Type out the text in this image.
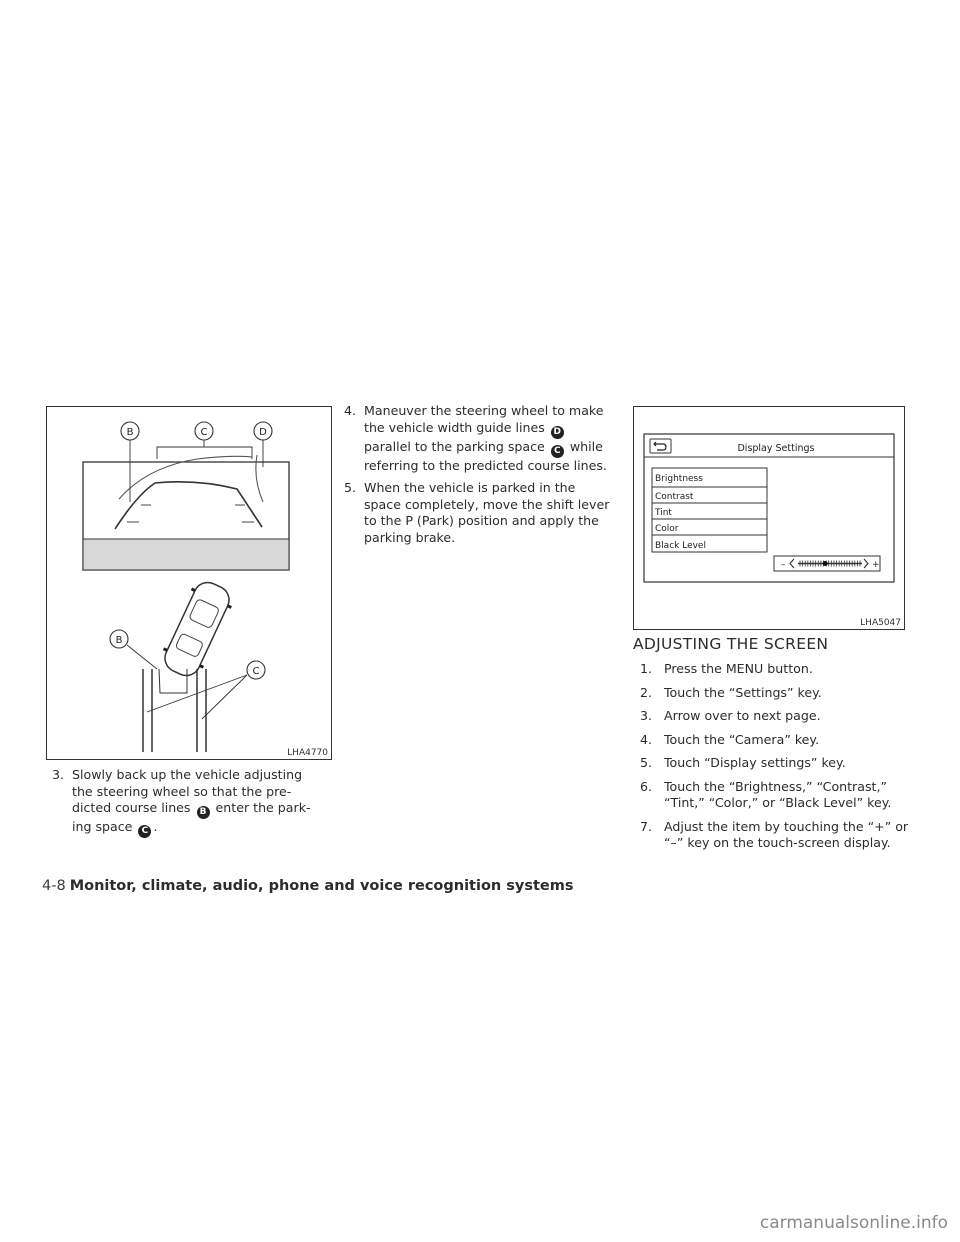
B	C	D
B
C
LHA4770
3. Slowly back up the vehicle adjusting the steering wheel so that the pre-dicted course lines B enter the park-ing space C .
4. Maneuver the steering wheel to make the vehicle width guide lines D parallel to the parking space C while referring to the predicted course lines.
5. When the vehicle is parked in the space completely, move the shift lever to the P (Park) position and apply the parking brake.
Display Settings
Brightness
Contrast
Tint
Color
Black Level
–	+
LHA5047
ADJUSTING THE SCREEN
1. Press the MENU button.
2. Touch the “Settings” key.
3. Arrow over to next page.
4. Touch the “Camera” key.
5. Touch “Display settings” key.
6. Touch the “Brightness,” “Contrast,” “Tint,” “Color,” or “Black Level” key.
7. Adjust the item by touching the “+” or “–” key on the touch-screen display.
4-8 Monitor, climate, audio, phone and voice recognition systems
carmanualsonline.info
